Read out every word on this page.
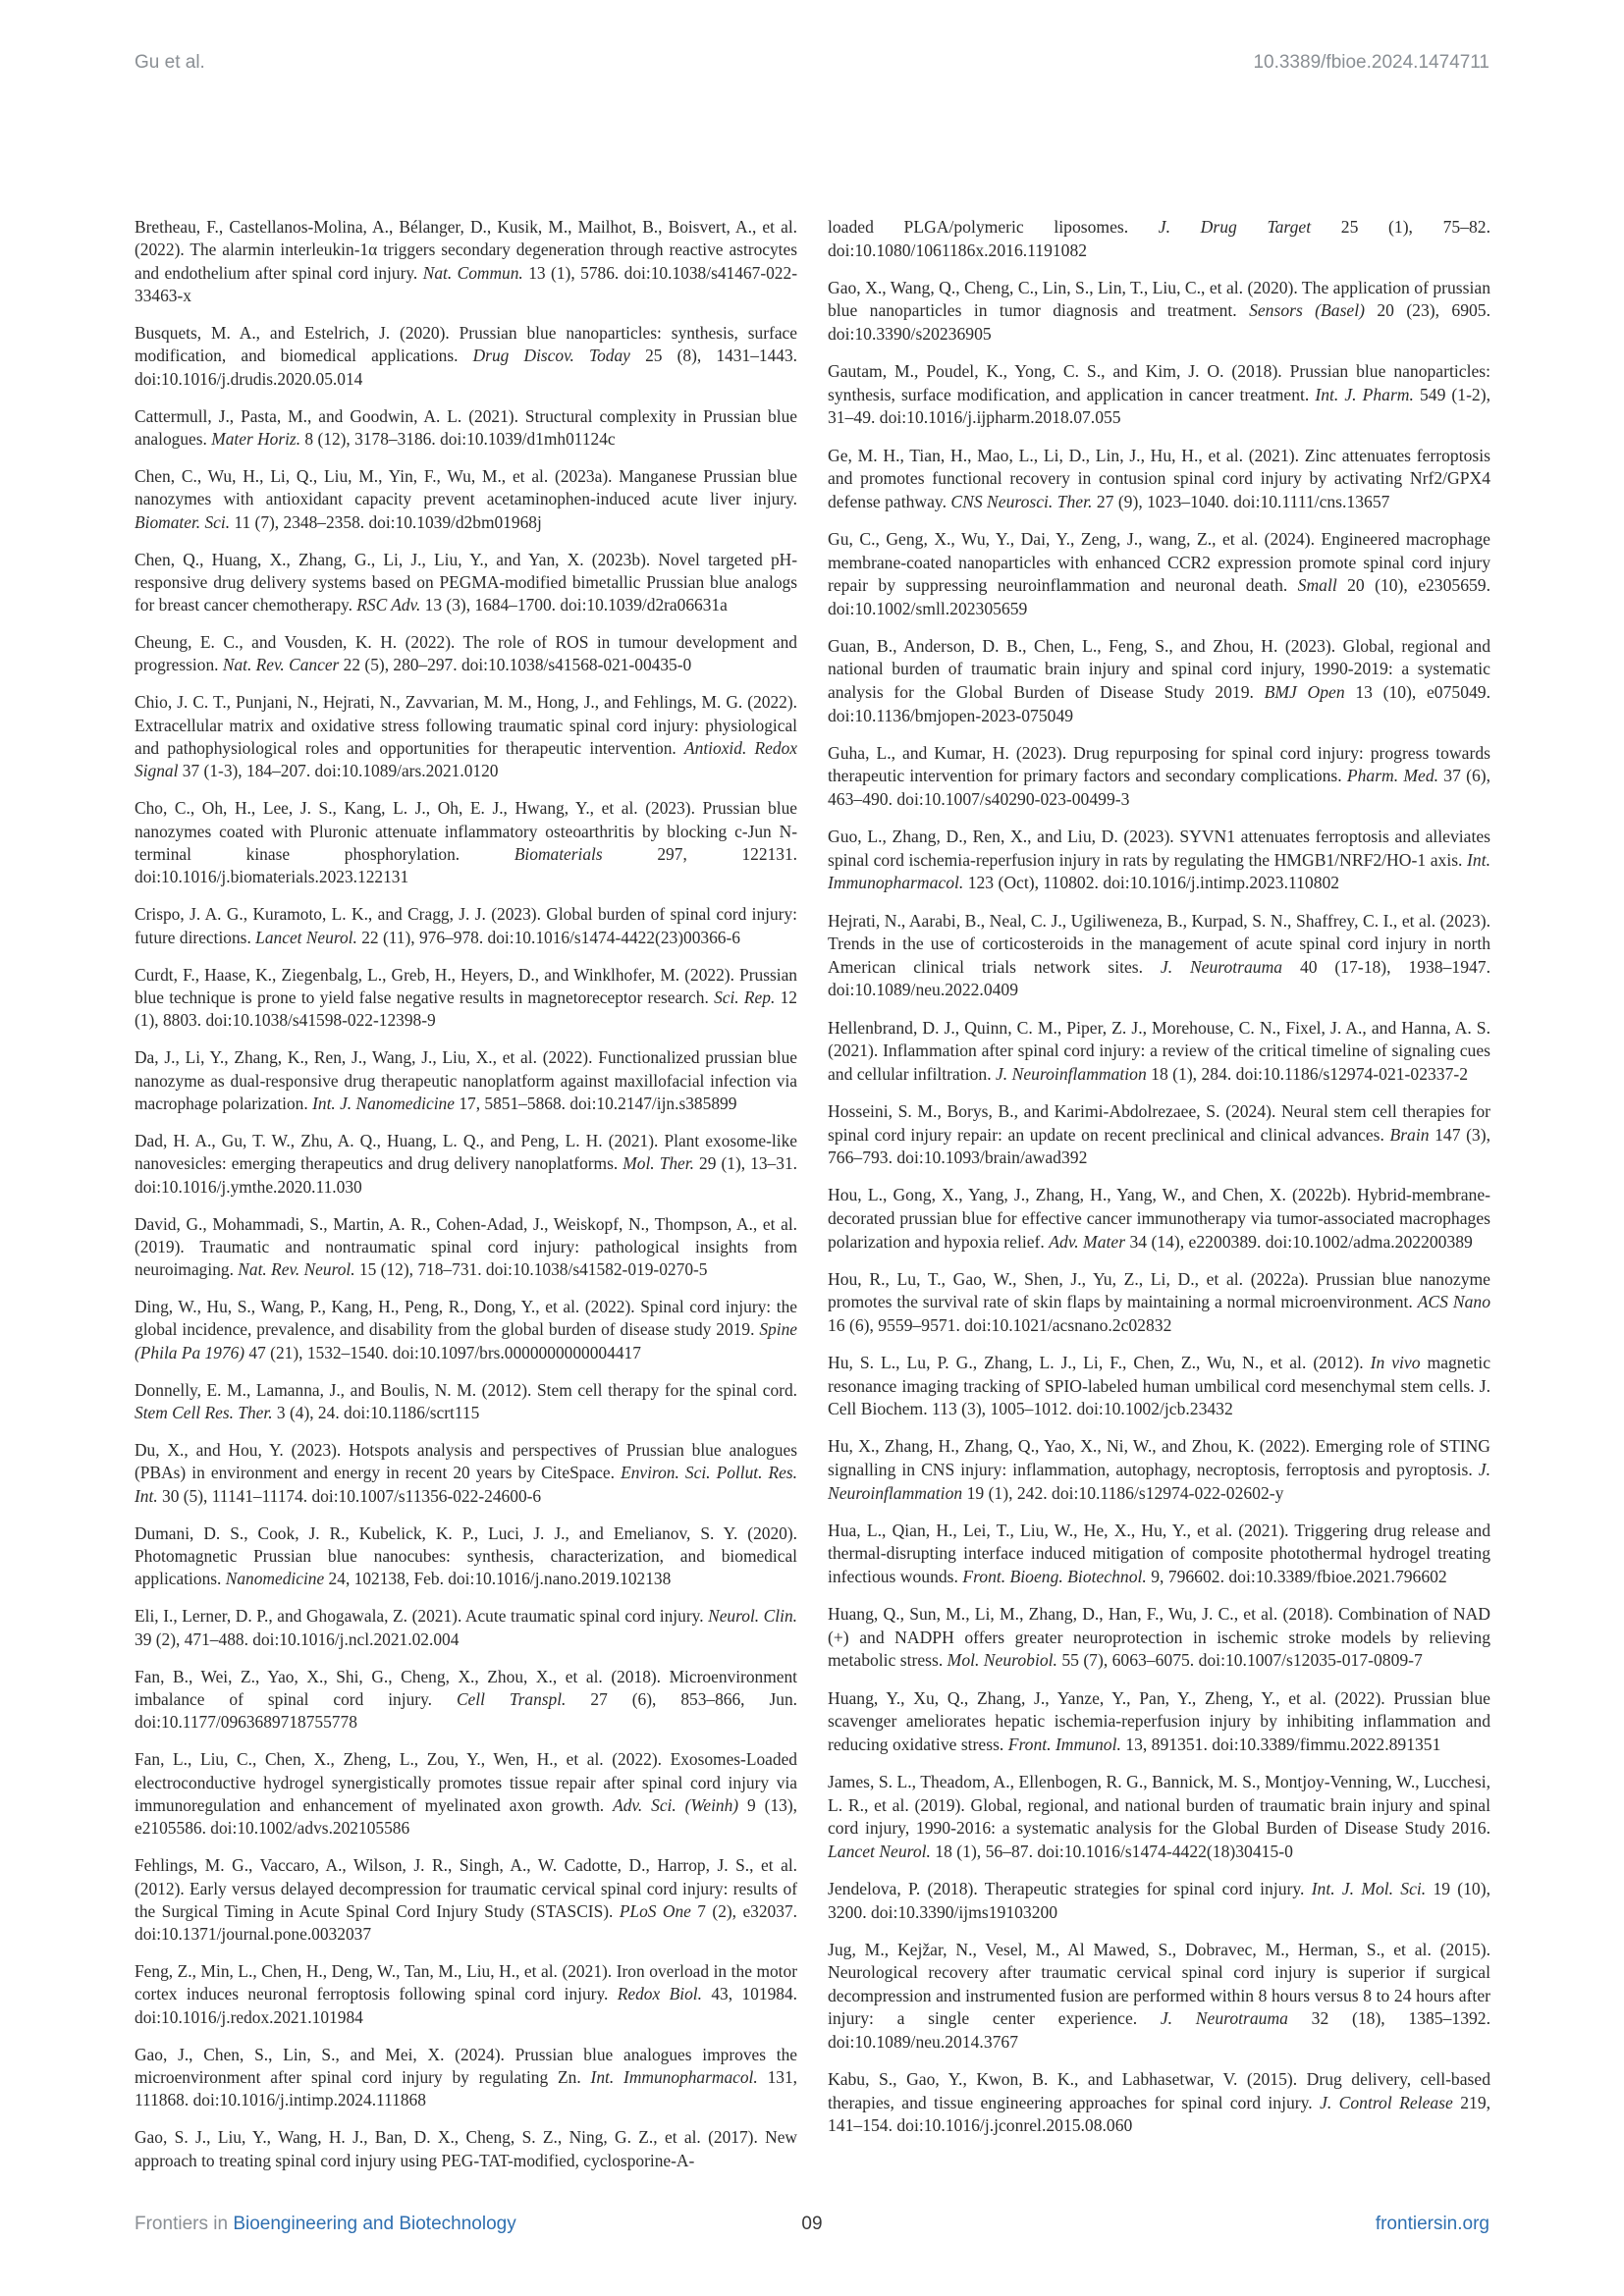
Gu et al.	10.3389/fbioe.2024.1474711

Bretheau, F., Castellanos-Molina, A., Bélanger, D., Kusik, M., Mailhot, B., Boisvert, A., et al. (2022). The alarmin interleukin-1α triggers secondary degeneration through reactive astrocytes and endothelium after spinal cord injury. Nat. Commun. 13 (1), 5786. doi:10.1038/s41467-022-33463-x

Busquets, M. A., and Estelrich, J. (2020). Prussian blue nanoparticles: synthesis, surface modification, and biomedical applications. Drug Discov. Today 25 (8), 1431–1443. doi:10.1016/j.drudis.2020.05.014

Cattermull, J., Pasta, M., and Goodwin, A. L. (2021). Structural complexity in Prussian blue analogues. Mater Horiz. 8 (12), 3178–3186. doi:10.1039/d1mh01124c

Chen, C., Wu, H., Li, Q., Liu, M., Yin, F., Wu, M., et al. (2023a). Manganese Prussian blue nanozymes with antioxidant capacity prevent acetaminophen-induced acute liver injury. Biomater. Sci. 11 (7), 2348–2358. doi:10.1039/d2bm01968j

Chen, Q., Huang, X., Zhang, G., Li, J., Liu, Y., and Yan, X. (2023b). Novel targeted pH-responsive drug delivery systems based on PEGMA-modified bimetallic Prussian blue analogs for breast cancer chemotherapy. RSC Adv. 13 (3), 1684–1700. doi:10.1039/d2ra06631a

Cheung, E. C., and Vousden, K. H. (2022). The role of ROS in tumour development and progression. Nat. Rev. Cancer 22 (5), 280–297. doi:10.1038/s41568-021-00435-0

Chio, J. C. T., Punjani, N., Hejrati, N., Zavvarian, M. M., Hong, J., and Fehlings, M. G. (2022). Extracellular matrix and oxidative stress following traumatic spinal cord injury: physiological and pathophysiological roles and opportunities for therapeutic intervention. Antioxid. Redox Signal 37 (1-3), 184–207. doi:10.1089/ars.2021.0120

Cho, C., Oh, H., Lee, J. S., Kang, L. J., Oh, E. J., Hwang, Y., et al. (2023). Prussian blue nanozymes coated with Pluronic attenuate inflammatory osteoarthritis by blocking c-Jun N-terminal kinase phosphorylation. Biomaterials 297, 122131. doi:10.1016/j.biomaterials.2023.122131

Crispo, J. A. G., Kuramoto, L. K., and Cragg, J. J. (2023). Global burden of spinal cord injury: future directions. Lancet Neurol. 22 (11), 976–978. doi:10.1016/s1474-4422(23)00366-6

Curdt, F., Haase, K., Ziegenbalg, L., Greb, H., Heyers, D., and Winklhofer, M. (2022). Prussian blue technique is prone to yield false negative results in magnetoreceptor research. Sci. Rep. 12 (1), 8803. doi:10.1038/s41598-022-12398-9

Da, J., Li, Y., Zhang, K., Ren, J., Wang, J., Liu, X., et al. (2022). Functionalized prussian blue nanozyme as dual-responsive drug therapeutic nanoplatform against maxillofacial infection via macrophage polarization. Int. J. Nanomedicine 17, 5851–5868. doi:10.2147/ijn.s385899

Dad, H. A., Gu, T. W., Zhu, A. Q., Huang, L. Q., and Peng, L. H. (2021). Plant exosome-like nanovesicles: emerging therapeutics and drug delivery nanoplatforms. Mol. Ther. 29 (1), 13–31. doi:10.1016/j.ymthe.2020.11.030

David, G., Mohammadi, S., Martin, A. R., Cohen-Adad, J., Weiskopf, N., Thompson, A., et al. (2019). Traumatic and nontraumatic spinal cord injury: pathological insights from neuroimaging. Nat. Rev. Neurol. 15 (12), 718–731. doi:10.1038/s41582-019-0270-5

Ding, W., Hu, S., Wang, P., Kang, H., Peng, R., Dong, Y., et al. (2022). Spinal cord injury: the global incidence, prevalence, and disability from the global burden of disease study 2019. Spine (Phila Pa 1976) 47 (21), 1532–1540. doi:10.1097/brs.0000000000004417

Donnelly, E. M., Lamanna, J., and Boulis, N. M. (2012). Stem cell therapy for the spinal cord. Stem Cell Res. Ther. 3 (4), 24. doi:10.1186/scrt115

Du, X., and Hou, Y. (2023). Hotspots analysis and perspectives of Prussian blue analogues (PBAs) in environment and energy in recent 20 years by CiteSpace. Environ. Sci. Pollut. Res. Int. 30 (5), 11141–11174. doi:10.1007/s11356-022-24600-6

Dumani, D. S., Cook, J. R., Kubelick, K. P., Luci, J. J., and Emelianov, S. Y. (2020). Photomagnetic Prussian blue nanocubes: synthesis, characterization, and biomedical applications. Nanomedicine 24, 102138, Feb. doi:10.1016/j.nano.2019.102138

Eli, I., Lerner, D. P., and Ghogawala, Z. (2021). Acute traumatic spinal cord injury. Neurol. Clin. 39 (2), 471–488. doi:10.1016/j.ncl.2021.02.004

Fan, B., Wei, Z., Yao, X., Shi, G., Cheng, X., Zhou, X., et al. (2018). Microenvironment imbalance of spinal cord injury. Cell Transpl. 27 (6), 853–866, Jun. doi:10.1177/0963689718755778

Fan, L., Liu, C., Chen, X., Zheng, L., Zou, Y., Wen, H., et al. (2022). Exosomes-Loaded electroconductive hydrogel synergistically promotes tissue repair after spinal cord injury via immunoregulation and enhancement of myelinated axon growth. Adv. Sci. (Weinh) 9 (13), e2105586. doi:10.1002/advs.202105586

Fehlings, M. G., Vaccaro, A., Wilson, J. R., Singh, A., W. Cadotte, D., Harrop, J. S., et al. (2012). Early versus delayed decompression for traumatic cervical spinal cord injury: results of the Surgical Timing in Acute Spinal Cord Injury Study (STASCIS). PLoS One 7 (2), e32037. doi:10.1371/journal.pone.0032037

Feng, Z., Min, L., Chen, H., Deng, W., Tan, M., Liu, H., et al. (2021). Iron overload in the motor cortex induces neuronal ferroptosis following spinal cord injury. Redox Biol. 43, 101984. doi:10.1016/j.redox.2021.101984

Gao, J., Chen, S., Lin, S., and Mei, X. (2024). Prussian blue analogues improves the microenvironment after spinal cord injury by regulating Zn. Int. Immunopharmacol. 131, 111868. doi:10.1016/j.intimp.2024.111868

Gao, S. J., Liu, Y., Wang, H. J., Ban, D. X., Cheng, S. Z., Ning, G. Z., et al. (2017). New approach to treating spinal cord injury using PEG-TAT-modified, cyclosporine-A-

loaded PLGA/polymeric liposomes. J. Drug Target 25 (1), 75–82. doi:10.1080/1061186x.2016.1191082

Gao, X., Wang, Q., Cheng, C., Lin, S., Lin, T., Liu, C., et al. (2020). The application of prussian blue nanoparticles in tumor diagnosis and treatment. Sensors (Basel) 20 (23), 6905. doi:10.3390/s20236905

Gautam, M., Poudel, K., Yong, C. S., and Kim, J. O. (2018). Prussian blue nanoparticles: synthesis, surface modification, and application in cancer treatment. Int. J. Pharm. 549 (1-2), 31–49. doi:10.1016/j.ijpharm.2018.07.055

Ge, M. H., Tian, H., Mao, L., Li, D., Lin, J., Hu, H., et al. (2021). Zinc attenuates ferroptosis and promotes functional recovery in contusion spinal cord injury by activating Nrf2/GPX4 defense pathway. CNS Neurosci. Ther. 27 (9), 1023–1040. doi:10.1111/cns.13657

Gu, C., Geng, X., Wu, Y., Dai, Y., Zeng, J., wang, Z., et al. (2024). Engineered macrophage membrane-coated nanoparticles with enhanced CCR2 expression promote spinal cord injury repair by suppressing neuroinflammation and neuronal death. Small 20 (10), e2305659. doi:10.1002/smll.202305659

Guan, B., Anderson, D. B., Chen, L., Feng, S., and Zhou, H. (2023). Global, regional and national burden of traumatic brain injury and spinal cord injury, 1990-2019: a systematic analysis for the Global Burden of Disease Study 2019. BMJ Open 13 (10), e075049. doi:10.1136/bmjopen-2023-075049

Guha, L., and Kumar, H. (2023). Drug repurposing for spinal cord injury: progress towards therapeutic intervention for primary factors and secondary complications. Pharm. Med. 37 (6), 463–490. doi:10.1007/s40290-023-00499-3

Guo, L., Zhang, D., Ren, X., and Liu, D. (2023). SYVN1 attenuates ferroptosis and alleviates spinal cord ischemia-reperfusion injury in rats by regulating the HMGB1/NRF2/HO-1 axis. Int. Immunopharmacol. 123 (Oct), 110802. doi:10.1016/j.intimp.2023.110802

Hejrati, N., Aarabi, B., Neal, C. J., Ugiliweneza, B., Kurpad, S. N., Shaffrey, C. I., et al. (2023). Trends in the use of corticosteroids in the management of acute spinal cord injury in north American clinical trials network sites. J. Neurotrauma 40 (17-18), 1938–1947. doi:10.1089/neu.2022.0409

Hellenbrand, D. J., Quinn, C. M., Piper, Z. J., Morehouse, C. N., Fixel, J. A., and Hanna, A. S. (2021). Inflammation after spinal cord injury: a review of the critical timeline of signaling cues and cellular infiltration. J. Neuroinflammation 18 (1), 284. doi:10.1186/s12974-021-02337-2

Hosseini, S. M., Borys, B., and Karimi-Abdolrezaee, S. (2024). Neural stem cell therapies for spinal cord injury repair: an update on recent preclinical and clinical advances. Brain 147 (3), 766–793. doi:10.1093/brain/awad392

Hou, L., Gong, X., Yang, J., Zhang, H., Yang, W., and Chen, X. (2022b). Hybrid-membrane-decorated prussian blue for effective cancer immunotherapy via tumor-associated macrophages polarization and hypoxia relief. Adv. Mater 34 (14), e2200389. doi:10.1002/adma.202200389

Hou, R., Lu, T., Gao, W., Shen, J., Yu, Z., Li, D., et al. (2022a). Prussian blue nanozyme promotes the survival rate of skin flaps by maintaining a normal microenvironment. ACS Nano 16 (6), 9559–9571. doi:10.1021/acsnano.2c02832

Hu, S. L., Lu, P. G., Zhang, L. J., Li, F., Chen, Z., Wu, N., et al. (2012). In vivo magnetic resonance imaging tracking of SPIO-labeled human umbilical cord mesenchymal stem cells. J. Cell Biochem. 113 (3), 1005–1012. doi:10.1002/jcb.23432

Hu, X., Zhang, H., Zhang, Q., Yao, X., Ni, W., and Zhou, K. (2022). Emerging role of STING signalling in CNS injury: inflammation, autophagy, necroptosis, ferroptosis and pyroptosis. J. Neuroinflammation 19 (1), 242. doi:10.1186/s12974-022-02602-y

Hua, L., Qian, H., Lei, T., Liu, W., He, X., Hu, Y., et al. (2021). Triggering drug release and thermal-disrupting interface induced mitigation of composite photothermal hydrogel treating infectious wounds. Front. Bioeng. Biotechnol. 9, 796602. doi:10.3389/fbioe.2021.796602

Huang, Q., Sun, M., Li, M., Zhang, D., Han, F., Wu, J. C., et al. (2018). Combination of NAD (+) and NADPH offers greater neuroprotection in ischemic stroke models by relieving metabolic stress. Mol. Neurobiol. 55 (7), 6063–6075. doi:10.1007/s12035-017-0809-7

Huang, Y., Xu, Q., Zhang, J., Yanze, Y., Pan, Y., Zheng, Y., et al. (2022). Prussian blue scavenger ameliorates hepatic ischemia-reperfusion injury by inhibiting inflammation and reducing oxidative stress. Front. Immunol. 13, 891351. doi:10.3389/fimmu.2022.891351

James, S. L., Theadom, A., Ellenbogen, R. G., Bannick, M. S., Montjoy-Venning, W., Lucchesi, L. R., et al. (2019). Global, regional, and national burden of traumatic brain injury and spinal cord injury, 1990-2016: a systematic analysis for the Global Burden of Disease Study 2016. Lancet Neurol. 18 (1), 56–87. doi:10.1016/s1474-4422(18)30415-0

Jendelova, P. (2018). Therapeutic strategies for spinal cord injury. Int. J. Mol. Sci. 19 (10), 3200. doi:10.3390/ijms19103200

Jug, M., Kejžar, N., Vesel, M., Al Mawed, S., Dobravec, M., Herman, S., et al. (2015). Neurological recovery after traumatic cervical spinal cord injury is superior if surgical decompression and instrumented fusion are performed within 8 hours versus 8 to 24 hours after injury: a single center experience. J. Neurotrauma 32 (18), 1385–1392. doi:10.1089/neu.2014.3767

Kabu, S., Gao, Y., Kwon, B. K., and Labhasetwar, V. (2015). Drug delivery, cell-based therapies, and tissue engineering approaches for spinal cord injury. J. Control Release 219, 141–154. doi:10.1016/j.jconrel.2015.08.060

Frontiers in Bioengineering and Biotechnology	09	frontiersin.org
